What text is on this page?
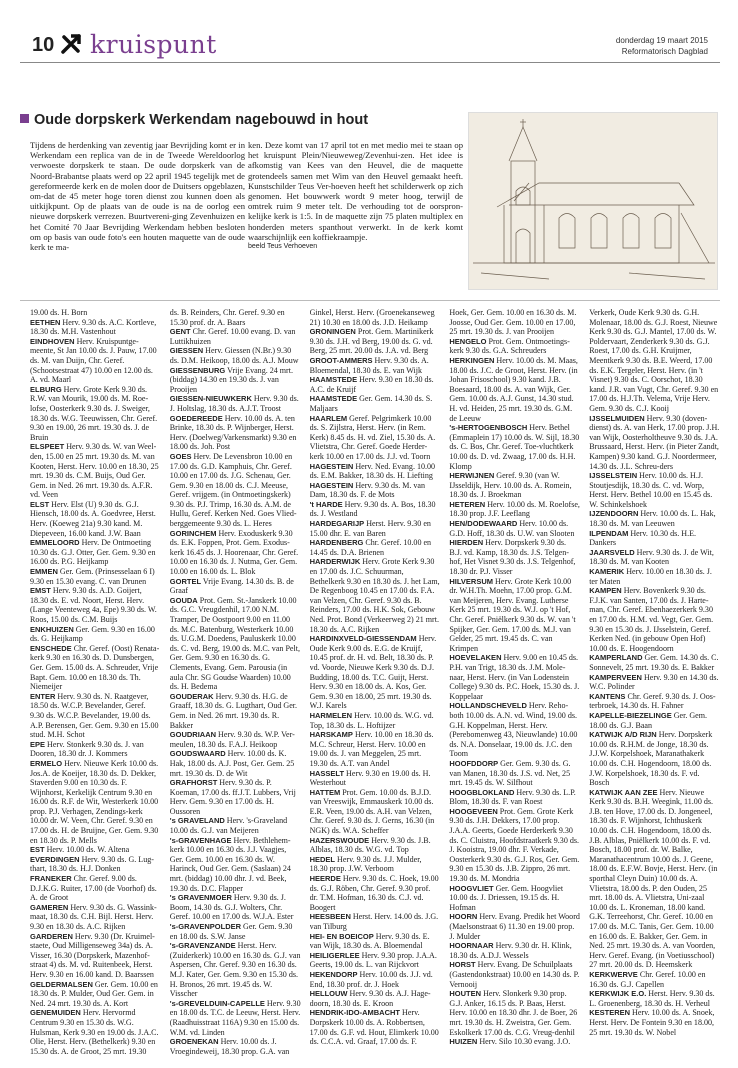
10 kruispunt	donderdag 19 maart 2015
Reformatorisch Dagblad
Oude dorpskerk Werkendam nagebouwd in hout
Tijdens de herdenking van zeventig jaar Bevrijding komt er in Werkendam een replica van de in de Tweede Wereldoorlog verwoeste dorpskerk te staan. De oude dorpskerk van de Noord-Brabantse plaats werd op 22 april 1945 tegelijk met de gereformeerde kerk en de molen door de Duitsers opgeblazen, om-dat de 45 meter hoge toren dienst zou kunnen doen als uitkijkpunt. Op de plaats van de oude is na de oorlog een nieuwe dorpskerk verrezen. Buurtvereni-ging Zevenhuizen en het Comité 70 Jaar Bevrijding Werkendam hebben besloten om op basis van oude foto's een houten maquette van de oude kerk te ma-
ken. Deze komt van 17 april tot en met medio mei te staan op het kruispunt Plein/Nieuweweg/Zevenhui-zen. Het idee is afkomstig van Kees van den Heuvel, die de maquette grotendeels samen met Wim van den Heuvel gemaakt heeft. Kunstschilder Teus Ver-hoeven heeft het schilderwerk op zich genomen. Het bouwwerk wordt 9 meter hoog, terwijl de omtrek ruim 9 meter telt. De verhouding tot de oorspron-kelijke kerk is 1:5. In de maquette zijn 75 platen multiplex en honderden meters spanthout verwerkt. In de kerk komt waarschijnlijk een koffiekraampje.
beeld Teus Verhoeven

19.00 ds. H. Born

EETHEN Herv. 9.30 ds. A.C. Kortleve, 18.30 ds. M.H. Vastenhout

EINDHOVEN Herv. Kruispuntge-meente, St Jan 10.00 ds. J. Pauw, 17.00 ds. M. van Duijn, Chr. Geref. (Schootsestraat 47) 10.00 en 12.00 ds. A. vd. Maarl

ELBURG Herv. Grote Kerk 9.30 ds. R.W. van Mourik, 19.00 ds. M. Roe-lofse, Oosterkerk 9.30 ds. J. Sweiger, 18.30 ds. W.G. Teeuwissen, Chr. Geref. 9.30 en 19.00, 26 mrt. 19.30 ds. J. de Bruin

ELSPEET Herv. 9.30 ds. W. van Weel-den, 15.00 en 25 mrt. 19.30 ds. M. van Kooten, Herst. Herv. 10.00 en 18.30, 25 mrt. 19.30 ds. C.M. Buijs, Oud Ger. Gem. in Ned. 26 mrt. 19.30 ds. A.F.R. vd. Veen

ELST Herv. Elst (U) 9.30 ds. G.J. Hiensch, 18.00 ds. A. Goedvree, Herst. Herv. (Koeweg 21a) 9.30 kand. M. Diepeveen, 16.00 kand. J.W. Baan

EMMELOORD Herv. De Ontmoeting 10.30 ds. G.J. Otter, Ger. Gem. 9.30 en 16.00 ds. P.G. Heijkamp

EMMEN Ger. Gem. (Prinsesselaan 6 I) 9.30 en 15.30 evang. C. van Drunen

EMST Herv. 9.30 ds. A.D. Goijert, 18.30 ds. E. vd. Noort, Herst. Herv. (Lange Veenteweg 4a, Epe) 9.30 ds. W. Roos, 15.00 ds. C.M. Buijs

ENKHUIZEN Ger. Gem. 9.30 en 16.00 ds. G. Heijkamp

ENSCHEDE Chr. Geref. (Oost) Renata-kerk 9.30 en 16.30 ds. D. Dunsbergen, Ger. Gem. 15.00 ds. A. Schreuder, Vrije Bapt. Gem. 10.00 en 18.30 ds. Th. Niemeijer

ENTER Herv. 9.30 ds. N. Raatgever, 18.50 ds. W.C.P. Bevelander, Geref. 9.30 ds. W.C.P. Bevelander, 19.00 ds. A.P. Berensen, Ger. Gem. 9.30 en 15.00 stud. M.H. Schot

EPE Herv. Stonkerk 9.30 ds. J. van Dooren, 18.30 dr. J. Kommers

ERMELO Herv. Nieuwe Kerk 10.00 ds. Jos.A. de Koeijer, 18.30 ds. D. Dekker, Staverden 9.00 en 10.30 ds. F. Wijnhorst, Kerkelijk Centrum 9.30 en 16.00 ds. R.F. de Wit, Westerkerk 10.00 prop. P.J. Verhagen, Zendings-kerk 10.00 dr. W. Veen, Chr. Geref. 9.30 en 17.00 ds. H. de Bruijne, Ger. Gem. 9.30 en 18.30 ds. P. Mells

EST Herv. 10.00 ds. W. Altena

EVERDINGEN Herv. 9.30 ds. G. Lug-thart, 18.30 ds. H.J. Donken

FRANEKER Chr. Geref. 9.00 ds. D.J.K.G. Ruiter, 17.00 (de Voorhof) ds. A. de Groot

GAMEREN Herv. 9.30 ds. G. Wassink-maat, 18.30 ds. C.H. Bijl. Herst. Herv. 9.30 en 18.30 ds. A.C. Rijken

GARDEREN Herv. 9.30 (Dr. Kruimel-staete, Oud Milligenseweg 34a) ds. A. Visser, 16.30 (Dorpskerk, Mazenhof-straat 4) ds. M. vd. Ruitenbeek, Herst. Herv. 9.30 en 16.00 kand. D. Baarssen

GELDERMALSEN Ger. Gem. 10.00 en 18.30 ds. P. Mulder, Oud Ger. Gem. in Ned. 24 mrt. 19.30 ds. A. Kort

GENEMUIDEN Herv. Hervormd Centrum 9.30 en 15.30 ds. W.G. Hulsman, Kerk 9.30 en 19.00 ds. J.A.C. Olie, Herst. Herv. (Bethelkerk) 9.30 en 15.30 ds. A. de Groot, 25 mrt. 19.30

ds. B. Reinders, Chr. Geref. 9.30 en 15.30 prof. dr. A. Baars

GENT Chr. Geref. 10.00 evang. D. van Luttikhuizen

GIESSEN Herv. Giessen (N.Br.) 9.30 ds. D.M. Heikoop, 18.00 ds. A.J. Mouw

GIESSENBURG Vrije Evang. 24 mrt. (biddag) 14.30 en 19.30 ds. J. van Prooijen

GIESSEN-NIEUWKERK Herv. 9.30 ds. J. Holtslag, 18.30 ds. A.J.T. Troost

GOEDEREEDE Herv. 10.00 ds. A. ten Brinke, 18.30 ds. P. Wijnberger, Herst. Herv. (Doelweg/Varkensmarkt) 9.30 en 18.00 ds. Joh. Post

GOES Herv. De Levensbron 10.00 en 17.00 ds. G.D. Kamphuis, Chr. Geref. 10.00 en 17.00 ds. J.G. Schenau, Ger. Gem. 9.30 en 18.00 ds. C.J. Meeuse, Geref. vrijgem. (in Ontmoetingskerk) 9.30 ds. P.J. Trimp, 16.30 ds. A.M. de Hullu, Geref. Kerken Ned. Goes Vlied-berggemeente 9.30 ds. L. Heres

GORINCHEM Herv. Exoduskerk 9.30 ds. E.K. Foppen, Prot. Gem. Exodus-kerk 16.45 ds. J. Hoorenaar, Chr. Geref. 10.00 en 16.30 ds. J. Nutma, Ger. Gem. 10.00 en 16.00 ds. L. Blok

GORTEL Vrije Evang. 14.30 ds. B. de Graaf

GOUDA Prot. Gem. St.-Janskerk 10.00 ds. G.C. Vreugdenhil, 17.00 N.M. Tramper, De Oostpoort 9.00 en 11.00 ds. M.C. Batenburg, Westerkerk 10.00 ds. U.G.M. Doedens, Pauluskerk 10.00 ds. C. vd. Berg, 19.00 ds. M.C. van Pelt, Ger. Gem. 9.30 en 16.30 ds. G. Clements, Evang. Gem. Parousia (in aula Chr. SG Goudse Waarden) 10.00 ds. H. Bedema

GOUDERAK Herv. 9.30 ds. H.G. de Graaff, 18.30 ds. G. Lugthart, Oud Ger. Gem. in Ned. 26 mrt. 19.30 ds. R. Bakker

GOUDRIAAN Herv. 9.30 ds. W.P. Ver-meulen, 18.30 ds. F.A.J. Heikoop

GOUDSWAARD Herv. 10.00 ds. K. Hak, 18.00 ds. A.J. Post, Ger. Gem. 25 mrt. 19.30 ds. D. de Wit

GRAFHORST Herv. 9.30 ds. P. Koeman, 17.00 ds. ff.J.T. Lubbers, Vrij Herv. Gem. 9.30 en 17.00 ds. H. Oussoren

's GRAVELAND Herv. 's-Graveland 10.00 ds. G.J. van Meijeren

's-GRAVENHAGE Herv. Bethlehem-kerk 10.00 en 16.30 ds. J.J. Vaagjes, Ger. Gem. 10.00 en 16.30 ds. W. Harinck, Oud Ger. Gem. (Saslaan) 24 mrt. (biddag) 10.00 dhr. J. vd. Beek, 19.30 ds. D.C. Flapper

's GRAVENMOER Herv. 9.30 ds. J. Boom, 14.30 ds. G.J. Wolters, Chr. Geref. 10.00 en 17.00 ds. W.J.A. Ester

's-GRAVENPOLDER Ger. Gem. 9.30 en 18.00 ds. S.W. Janse

's-GRAVENZANDE Herst. Herv. (Zuiderkerk) 10.00 en 16.30 ds. G.J. van Aspersen, Chr. Geref. 9.30 en 16.30 ds. M.J. Kater, Ger. Gem. 9.30 en 15.30 ds. H. Bronos, 26 mrt. 19.45 ds. W. Visscher

's-GREVELDUIN-CAPELLE Herv. 9.30 en 18.00 ds. T.C. de Leeuw, Herst. Herv. (Raadhuisstraat 116A) 9.30 en 15.00 ds. W.M. vd. Linden

GROENEKAN Herv. 10.00 ds. J. Vroegindeweij, 18.30 prop. G.A. van

Ginkel, Herst. Herv. (Groenekanseweg 21) 10.30 en 18.00 ds. J.D. Heikamp

GRONINGEN Prot. Gem. Martinikerk 9.30 ds. J.H. vd Berg, 19.00 ds. G. vd. Berg, 25 mrt. 20.00 ds. J.A. vd. Berg

GROOT-AMMERS Herv. 9.30 ds. A. Bloemendal, 18.30 ds. E. van Wijk

HAAMSTEDE Herv. 9.30 en 18.30 ds. A.C. de Kruijf

HAAMSTEDE Ger. Gem. 14.30 ds. S. Maljaars

HAARLEM Geref. Pelgrimkerk 10.00 ds. S. Zijlstra, Herst. Herv. (in Rem. Kerk) 8.45 ds. H. vd. Ziel, 15.30 ds. A. Vlietstra, Chr. Geref. Goede Herder-kerk 10.00 en 17.00 ds. J.J. vd. Toorn

HAGESTEIN Herv. Ned. Evang. 10.00 ds. E.M. Bakker, 18.30 ds. H. Liefting

HAGESTEIN Herv. 9.30 ds. M. van Dam, 18.30 ds. F. de Mots

't HARDE Herv. 9.30 ds. A. Bos, 18.30 ds. J. Westland

HARDEGARIJP Herst. Herv. 9.30 en 15.00 dhr. E. van Baren

HARDENBERG Chr. Geref. 10.00 en 14.45 ds. D.A. Brienen

HARDERWIJK Herv. Grote Kerk 9.30 en 17.00 ds. J.C. Schuurman, Bethelkerk 9.30 en 18.30 ds. J. het Lam, De Regenboog 10.45 en 17.00 ds. F.A. van Velzen, Chr. Geref. 9.30 ds. B. Reinders, 17.00 ds. H.K. Sok, Gebouw Ned. Prot. Bond (Verkeerweg 2) 21 mrt. 18.30 ds. A.C. Rijken

HARDINXVELD-GIESSENDAM Herv. Oude Kerk 9.00 ds. E.G. de Kruijf, 10.45 prof. dr. H. vd. Belt, 18.30 ds. P. vd. Voorde, Nieuwe Kerk 9.30 ds. D.J. Budding, 18.00 ds. T.C. Guijt, Herst. Herv. 9.30 en 18.00 ds. A. Kos, Ger. Gem. 9.30 en 18.00, 25 mrt. 19.30 ds. W.J. Karels

HARMELEN Herv. 10.00 ds. W.G. vd. Top, 18.30 ds. L. Hoftijzer

HARSKAMP Herv. 10.00 en 18.30 ds. M.C. Schreur, Herst. Herv. 10.00 en 19.00 ds. J. van Meggelen, 25 mrt. 19.30 ds. A.T. van Andel

HASSELT Herv. 9.30 en 19.00 ds. H. Westerhout

HATTEM Prot. Gem. 10.00 ds. B.J.D. van Vreeswijk, Emmauskerk 10.00 ds. E.R. Veen, 19.00 ds. A.H. van Velzen, Chr. Geref. 9.30 ds. J. Gerns, 16.30 (in NGK) ds. W.A. Scheffer

HAZERSWOUDE Herv. 9.30 ds. J.B. Alblas, 18.30 ds. W.G. vd. Top

HEDEL Herv. 9.30 ds. J.J. Mulder, 18.30 prop. J.W. Verboom

HEERDE Herv. 9.30 ds. C. Hoek, 19.00 ds. G.J. Röben, Chr. Geref. 9.30 prof. dr. T.M. Hofman, 16.30 ds. C.J. vd. Boogert

HEESBEEN Herst. Herv. 14.00 ds. J.G. van Tilburg

HEI- EN BOEICOP Herv. 9.30 ds. E. van Wijk, 18.30 ds. A. Bloemendal

HEILIGERLEE Herv. 9.30 prop. J.A.A. Geerts, 19.00 ds. L. van Rijckvort

HEKENDORP Herv. 10.00 ds. J.J. vd. End, 18.30 prof. dr. J. Hoek

HELLOUW Herv. 9.30 ds. A.J. Hage-doorn, 18.30 ds. E. Kroon

HENDRIK-IDO-AMBACHT Herv. Dorpskerk 10.00 ds. A. Robbertsen, 17.00 ds. G.F. vd. Hout, Elimkerk 10.00 ds. C.C.A. vd. Graaf, 17.00 ds. F.

Hoek, Ger. Gem. 10.00 en 16.30 ds. M. Joosse, Oud Ger. Gem. 10.00 en 17.00, 25 mrt. 19.30 ds. J. van Prooijen

HENGELO Prot. Gem. Ontmoetings-kerk 9.30 ds. G.A. Schreuders

HERKINGEN Herv. 10.00 ds. M. Maas, 18.00 ds. J.C. de Groot, Herst. Herv. (in Johan Frisoschool) 9.30 kand. J.B. Boesaard, 18.00 ds. A. van Wijk, Ger. Gem. 10.00 ds. A.J. Gunst, 14.30 stud. H. vd. Heiden, 25 mrt. 19.30 ds. G.M. de Leeuw

's-HERTOGENBOSCH Herv. Bethel (Emmaplein 17) 10.00 ds. W. Sijl, 18.30 ds. C. Bos, Chr. Geref. Toe-vluchtkerk 10.00 ds. D. vd. Zwaag, 17.00 ds. H.H. Klomp

HERWIJNEN Geref. 9.30 (van W. IJsseldijk, Herv. 10.00 ds. A. Romein, 18.30 ds. J. Broekman

HETEREN Herv. 10.00 ds. M. Roelofse, 18.30 prop. J.F. Leeflang

HEN/DODEWAARD Herv. 10.00 ds. G.D. Hoff, 18.30 ds. U.W. van Slooten

HIERDEN Herv. Dorpskerk 9.30 ds. B.J. vd. Kamp, 18.30 ds. J.S. Telgen-hof, Het Visnet 9.30 ds. J.S. Telgenhof, 18.30 dr. P.J. Visser

HILVERSUM Herv. Grote Kerk 10.00 dr. W.H.Th. Moehn, 17.00 prop. G.M. van Meijeren, Herv. Evang. Lutherse Kerk 25 mrt. 19.30 ds. W.J. op 't Hof, Chr. Geref. Pniëlkerk 9.30 ds. W. van 't Spijker, Ger. Gem. 17.00 ds. M.J. van Gelder, 25 mrt. 19.45 ds. C. van Krimpen

HOEVELAKEN Herv. 9.00 en 10.45 ds. P.H. van Trigt, 18.30 ds. J.M. Mole-naar, Herst. Herv. (in Van Lodenstein College) 9.30 ds. P.C. Hoek, 15.30 ds. J. Koppelaar

HOLLANDSCHEVELD Herv. Reho-both 10.00 ds. A.N. vd. Wind, 19.00 ds. G.H. Koppelman, Herst. Herv. (Perebomenweg 43, Nieuwlande) 10.00 ds. N.A. Donselaar, 19.00 ds. J.C. den Toom

HOOFDDORP Ger. Gem. 9.30 ds. G. van Manen, 18.30 ds. J.S. vd. Net, 25 mrt. 19.45 ds. W. Silfhout

HOOGBLOKLAND Herv. 9.30 ds. L.P. Blom, 18.30 ds. F. van Roest

HOOGEVEEN Prot. Gem. Grote Kerk 9.30 ds. J.H. Dekkers, 17.00 prop. J.A.A. Geerts, Goede Herderkerk 9.30 ds. C. Cluistra, Hoofdstraatkerk 9.30 ds. J. Kooistra, 19.00 dhr. F. Verkade, Oosterkerk 9.30 ds. G.J. Ros, Ger. Gem. 9.30 en 15.30 ds. J.B. Zippro, 26 mrt. 19.30 ds. M. Mondria

HOOGVLIET Ger. Gem. Hoogvliet 10.00 ds. J. Driessen, 19.15 ds. H. Hofman

HOORN Herv. Evang. Predik het Woord (Maelsonstraat 6) 11.30 en 19.00 prop. J. Mulder

HOORNAAR Herv. 9.30 dr. H. Klink, 18.30 ds. A.D.J. Wessels

HORST Herv. Evang. De Schuilplaats (Gastendonkstraat) 10.00 en 14.30 ds. P. Vernooij

HOUTEN Herv. Slonkerk 9.30 prop. G.J. Anker, 16.15 ds. P. Baas, Herst. Herv. 10.00 en 18.30 dhr. J. de Boer, 26 mrt. 19.30 ds. H. Zweistra, Ger. Gem. Eskolkerk 17.00 ds. C.G. Vreug-denhil

HUIZEN Herv. Silo 10.30 evang. J.O.

Verkerk, Oude Kerk 9.30 ds. G.H. Molenaar, 18.00 ds. G.J. Roest, Nieuwe Kerk 9.30 ds. G.J. Mantel, 17.00 ds. W. Poldervaart, Zenderkerk 9.30 ds. G.J. Roest, 17.00 ds. G.H. Kruijmer, Meentkerk 9.30 ds. B.E. Weerd, 17.00 ds. E.K. Tergeler, Herst. Herv. (in 't Visnet) 9.30 ds. C. Oorschot, 18.30 kand. J.R. van Vugt, Chr. Geref. 9.30 en 17.00 ds. H.J.Th. Velema, Vrije Herv. Gem. 9.30 ds. C.J. Kooij

IJSSELMUIDEN Herv. 9.30 (doven-dienst) ds. A. van Herk, 17.00 prop. J.H. van Wijk, Oosterholtheuve 9.30 ds. J.A. Brussaard, Herst. Herv. (in Pieter Zandt, Kampen) 9.30 kand. G.J. Noordermeer, 14.30 ds. J.L. Schreu-ders

IJSSELSTEIN Herv. 10.00 ds. H.J. Stoutjesdijk, 18.30 ds. C. vd. Worp, Herst. Herv. Bethel 10.00 en 15.45 ds. W. Schinkelshoek

IJZENDOORN Herv. 10.00 ds. L. Hak, 18.30 ds. M. van Leeuwen

ILPENDAM Herv. 10.30 ds. H.E. Dankers

JAARSVELD Herv. 9.30 ds. J. de Wit, 18.30 ds. M. van Kooten

KAMERIK Herv. 10.00 en 18.30 ds. J. ter Maten

KAMPEN Herv. Bovenkerk 9.30 ds. F.J.K. van Santen, 17.00 ds. J. Harte-man, Chr. Geref. Ebenhaezerkerk 9.30 en 17.00 ds. H.M. vd. Vegt, Ger. Gem. 9.30 en 15.30 ds. J. IJsselstein, Geref. Kerken Ned. (in gebouw Open Hof) 10.00 ds. E. Hoogendoorn

KAMPERLAND Ger. Gem. 14.30 ds. C. Sonnevelt, 25 mrt. 19.30 ds. E. Bakker

KAMPERVEEN Herv. 9.30 en 14.30 ds. W.C. Polinder

KANTENS Chr. Geref. 9.30 ds. J. Oos-terbroek, 14.30 ds. H. Fahner

KAPELLE-BIEZELINGE Ger. Gem. 18.00 ds. G.J. Baan

KATWIJK A/D RIJN Herv. Dorpskerk 10.00 ds. R.H.M. de Jonge, 18.30 ds. J.J.W. Korpelshoek, Maranathakerk 10.00 ds. C.H. Hogendoorn, 18.00 ds. J.W. Korpelshoek, 18.30 ds. F. vd. Bosch

KATWIJK AAN ZEE Herv. Nieuwe Kerk 9.30 ds. B.H. Weegink, 11.00 ds. J.B. ten Hove, 17.00 ds. D. Jongeneel, 18.30 ds. F. Wijnhorst, Ichthuskerk 10.00 ds. C.H. Hogendoorn, 18.00 ds. J.B. Alblas, Pniëlkerk 10.00 ds. F. vd. Bosch, 18.00 prof. dr. W. Balke, Maranathacentrum 10.00 ds. J. Geene, 18.00 ds. E.F.W. Bovje, Herst. Herv. (in sporthal Cleyn Duin) 10.00 ds. A. Vlietstra, 18.00 ds. P. den Ouden, 25 mrt. 18.00 ds. A. Vlietstra, Uni-zaal 10.00 ds. L. Kroneman, 18.00 kand. G.K. Terreehorst, Chr. Geref. 10.00 en 17.00 ds. M.C. Tanis, Ger. Gem. 10.00 en 16.00 ds. E. Bakker, Ger. Gem. in Ned. 25 mrt. 19.30 ds. A. van Voorden, Herv. Geref. Evang. (in Voetiusschool) 27 mrt. 20.00 ds. D. Heemskerk

KERKWERVE Chr. Geref. 10.00 en 16.30 ds. G.J. Capellen

KERKWIJK E.O. Herst. Herv. 9.30 ds. L. Groenenberg, 18.30 ds. H. Verheul

KESTEREN Herv. 10.00 ds. A. Snoek, Herst. Herv. De Fontein 9.30 en 18.00, 25 mrt. 19.30 ds. W. Nobel
